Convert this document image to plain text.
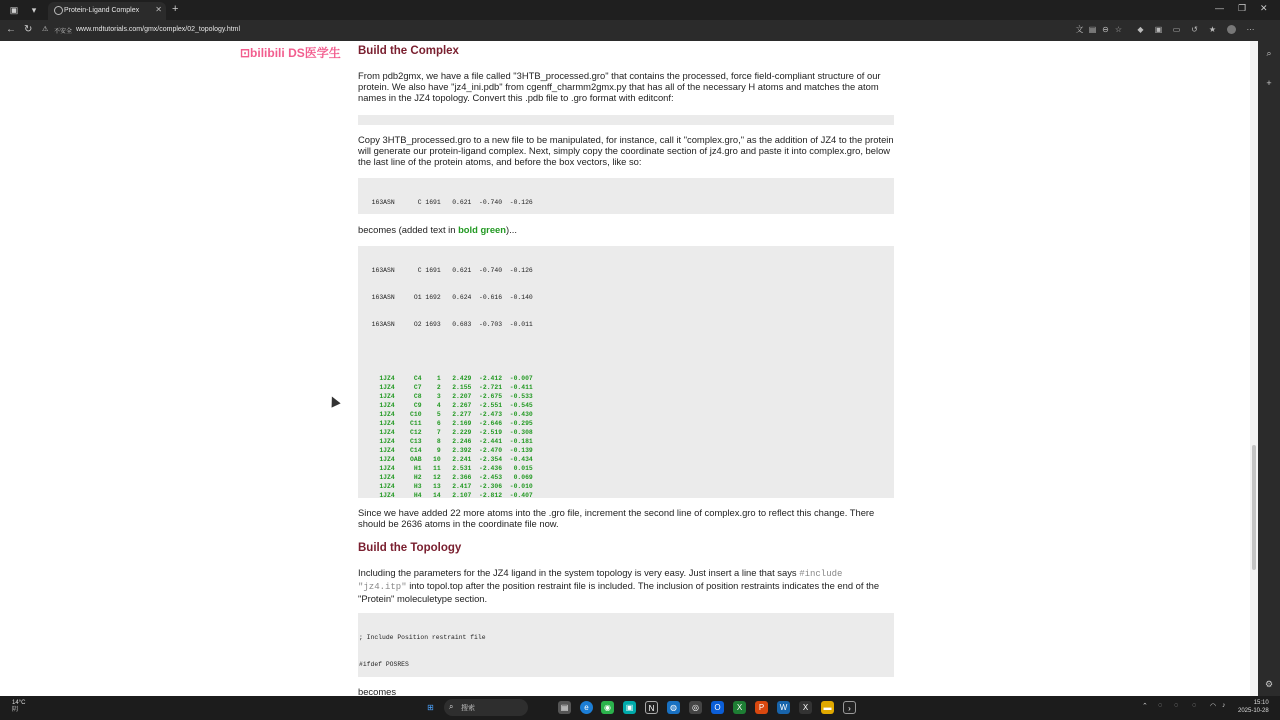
▣	▾	Protein-Ligand Complex ✕ +	— ❐ ✕
← ↻ ⚠ 不安全 www.mdtutorials.com/gmx/complex/02_topology.html	文 ▤ ⊖ ☆ ◆ ▣ ▭ ↺ ★	⋯
⊡bilibili DS医学生 Build the Complex

From pdb2gmx, we have a file called "3HTB_processed.gro" that contains the processed, force field-compliant structure of our protein. We also have "jz4_ini.pdb" from cgenff_charmm2gmx.py that has all of the necessary H atoms and matches the atom names in the JZ4 topology. Convert this .pdb file to .gro format with editconf:

Copy 3HTB_processed.gro to a new file to be manipulated, for instance, call it "complex.gro," as the addition of JZ4 to the protein will generate our protein-ligand complex. Next, simply copy the coordinate section of jz4.gro and paste it into complex.gro, below the last line of the protein atoms, and before the box vectors, like so:

163ASN      C 1691   0.621  -0.740  -0.126

becomes (added text in bold green)...

163ASN      C 1691   0.621  -0.740  -0.126

163ASN     O1 1692   0.624  -0.616  -0.140

163ASN     O2 1693   0.683  -0.703  -0.011

1JZ4     C4    1   2.429  -2.412  -0.007
1JZ4     C7    2   2.155  -2.721  -0.411
1JZ4     C8    3   2.207  -2.675  -0.533
1JZ4     C9    4   2.267  -2.551  -0.545
1JZ4    C10    5   2.277  -2.473  -0.430
1JZ4    C11    6   2.169  -2.646  -0.295
1JZ4    C12    7   2.229  -2.519  -0.308
1JZ4    C13    8   2.246  -2.441  -0.181
1JZ4    C14    9   2.392  -2.470  -0.139
1JZ4    OAB   10   2.241  -2.354  -0.434
1JZ4     H1   11   2.531  -2.436   0.015
1JZ4     H2   12   2.366  -2.453   0.069
1JZ4     H3   13   2.417  -2.306  -0.010
1JZ4     H4   14   2.107  -2.812  -0.407

Since we have added 22 more atoms into the .gro file, increment the second line of complex.gro to reflect this change. There should be 2636 atoms in the coordinate file now.

Build the Topology

Including the parameters for the JZ4 ligand in the system topology is very easy. Just insert a line that says #include "jz4.itp" into topol.top after the position restraint file is included. The inclusion of position restraints indicates the end of the "Protein" moleculetype section.

; Include Position restraint file

#ifdef POSRES

becomes

⌕
+
⚙
14°C
阴	⊞	⌕ 搜索	▤	e	◉	▣	N	◍	◎	O	X	P	W	X	▬	›	⌃ ◌ ◌ ◌ ◠ ♪	15:10
2025-10-28
